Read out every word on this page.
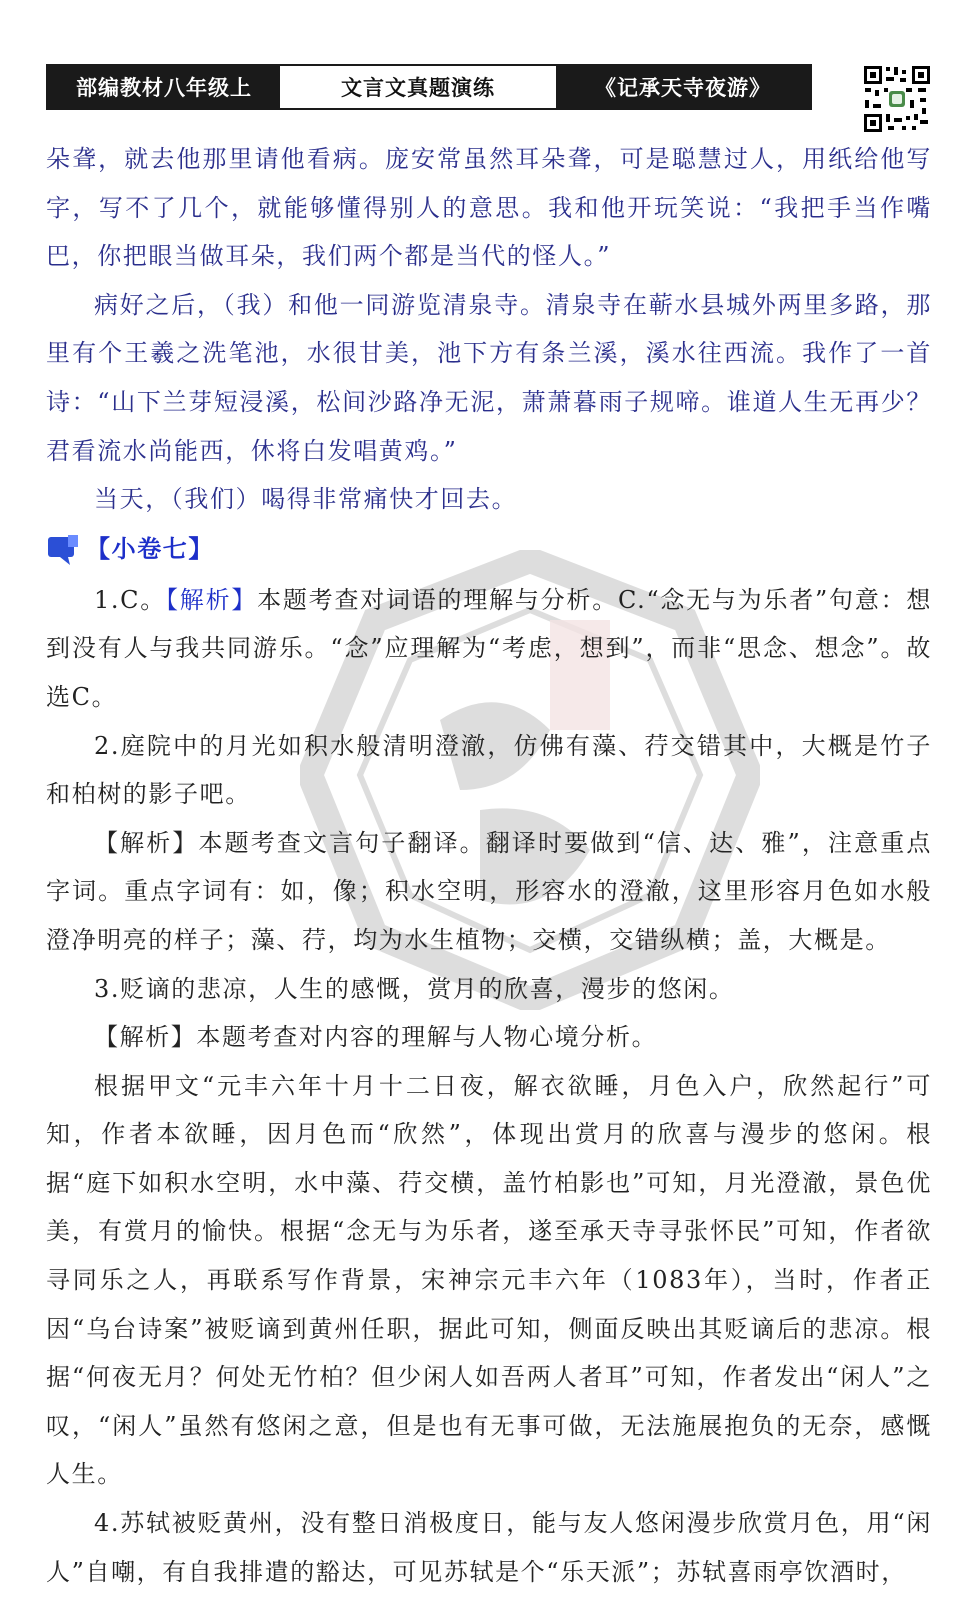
部编教材八年级上	文言文真题演练	《记承天寺夜游》

朵聋，就去他那里请他看病。庞安常虽然耳朵聋，可是聪慧过人，用纸给他写字，写不了几个，就能够懂得别人的意思。我和他开玩笑说：“我把手当作嘴巴，你把眼当做耳朵，我们两个都是当代的怪人。”

病好之后，（我）和他一同游览清泉寺。清泉寺在蕲水县城外两里多路，那里有个王羲之洗笔池，水很甘美，池下方有条兰溪，溪水往西流。我作了一首诗：“山下兰芽短浸溪，松间沙路净无泥，萧萧暮雨子规啼。谁道人生无再少？君看流水尚能西，休将白发唱黄鸡。”

当天，（我们）喝得非常痛快才回去。

【小卷七】

1.C。【解析】本题考查对词语的理解与分析。C.“念无与为乐者”句意：想到没有人与我共同游乐。“念”应理解为“考虑，想到”，而非“思念、想念”。故选C。

2.庭院中的月光如积水般清明澄澈，仿佛有藻、荇交错其中，大概是竹子和柏树的影子吧。

【解析】本题考查文言句子翻译。翻译时要做到“信、达、雅”，注意重点字词。重点字词有：如，像；积水空明，形容水的澄澈，这里形容月色如水般澄净明亮的样子；藻、荇，均为水生植物；交横，交错纵横；盖，大概是。

3.贬谪的悲凉，人生的感慨，赏月的欣喜，漫步的悠闲。

【解析】本题考查对内容的理解与人物心境分析。

根据甲文“元丰六年十月十二日夜，解衣欲睡，月色入户，欣然起行”可知，作者本欲睡，因月色而“欣然”，体现出赏月的欣喜与漫步的悠闲。根据“庭下如积水空明，水中藻、荇交横，盖竹柏影也”可知，月光澄澈，景色优美，有赏月的愉快。根据“念无与为乐者，遂至承天寺寻张怀民”可知，作者欲寻同乐之人，再联系写作背景，宋神宗元丰六年（1083年），当时，作者正因“乌台诗案”被贬谪到黄州任职，据此可知，侧面反映出其贬谪后的悲凉。根据“何夜无月？何处无竹柏？但少闲人如吾两人者耳”可知，作者发出“闲人”之叹，“闲人”虽然有悠闲之意，但是也有无事可做，无法施展抱负的无奈，感慨人生。

4.苏轼被贬黄州，没有整日消极度日，能与友人悠闲漫步欣赏月色，用“闲人”自嘲，有自我排遣的豁达，可见苏轼是个“乐天派”；苏轼喜雨亭饮酒时，
